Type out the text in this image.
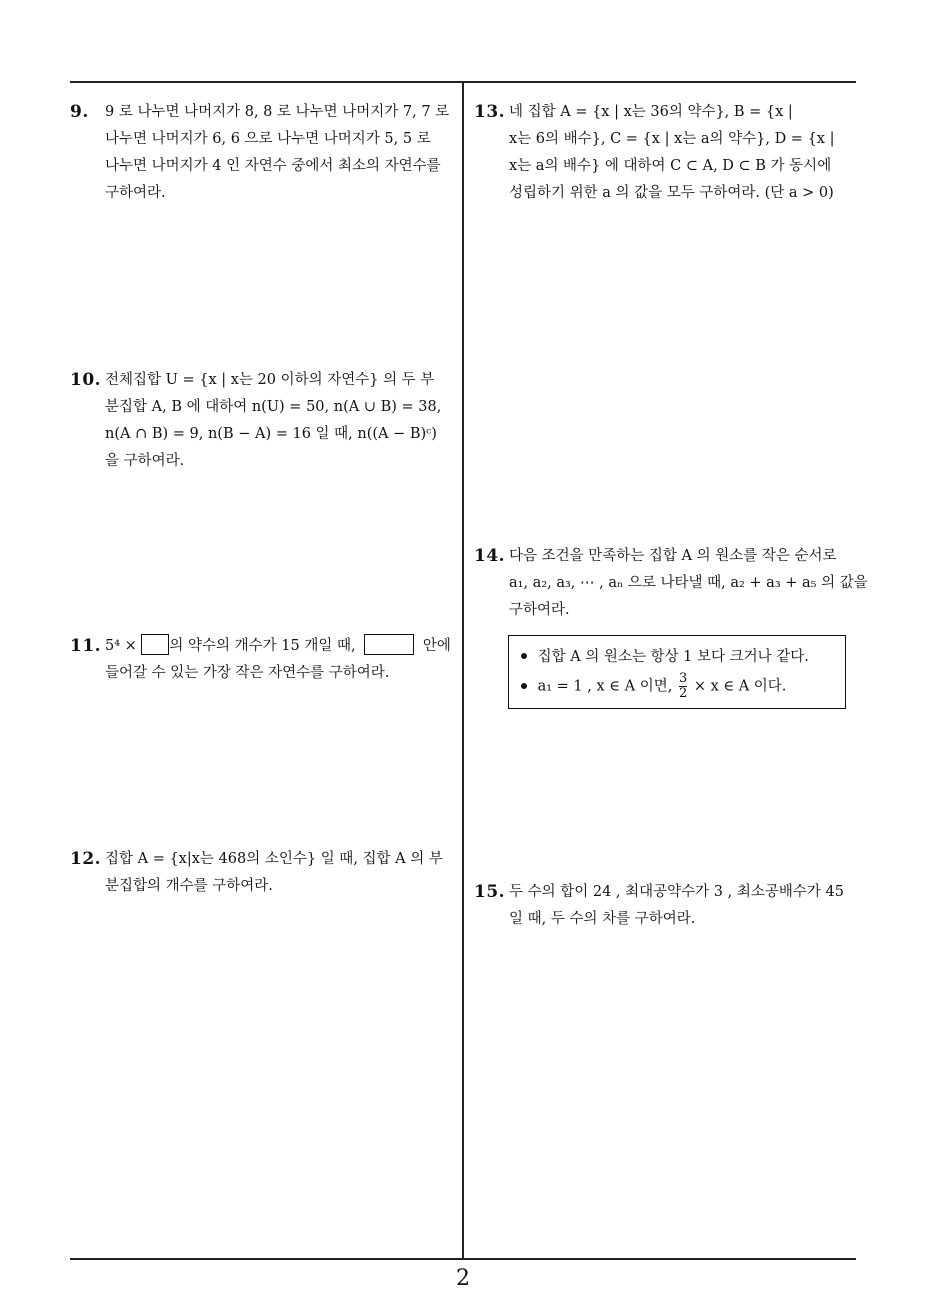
9. 9 로 나누면 나머지가 8, 8 로 나누면 나머지가 7, 7 로

나누면 나머지가 6, 6 으로 나누면 나머지가 5, 5 로

나누면 나머지가 4 인 자연수 중에서 최소의 자연수를

구하여라.

10. 전체집합 U = {x | x는 20 이하의 자연수} 의 두 부

분집합 A, B 에 대하여 n(U) = 50, n(A ∪ B) = 38,

n(A ∩ B) = 9, n(B − A) = 16 일 때, n((A − B)ᶜ)

을 구하여라.

11. 5⁴ × 의 약수의 개수가 15 개일 때,	안에

들어갈 수 있는 가장 작은 자연수를 구하여라.

12. 집합 A = {x|x는 468의 소인수} 일 때, 집합 A 의 부

분집합의 개수를 구하여라.

13. 네 집합 A = {x | x는 36의 약수}, B = {x |

x는 6의 배수}, C = {x | x는 a의 약수}, D = {x |

x는 a의 배수} 에 대하여 C ⊂ A, D ⊂ B 가 동시에

성립하기 위한 a 의 값을 모두 구하여라. (단 a > 0)

14. 다음 조건을 만족하는 집합 A 의 원소를 작은 순서로

a₁, a₂, a₃, ⋯ , aₙ 으로 나타낼 때, a₂ + a₃ + a₅ 의 값을

구하여라.

집합 A 의 원소는 항상 1 보다 크거나 같다.
a₁ = 1 , x ∈ A 이면, $\frac{3}{2} \times x$ ∈ A 이다.
15. 두 수의 합이 24 , 최대공약수가 3 , 최소공배수가 45

일 때, 두 수의 차를 구하여라.

2
